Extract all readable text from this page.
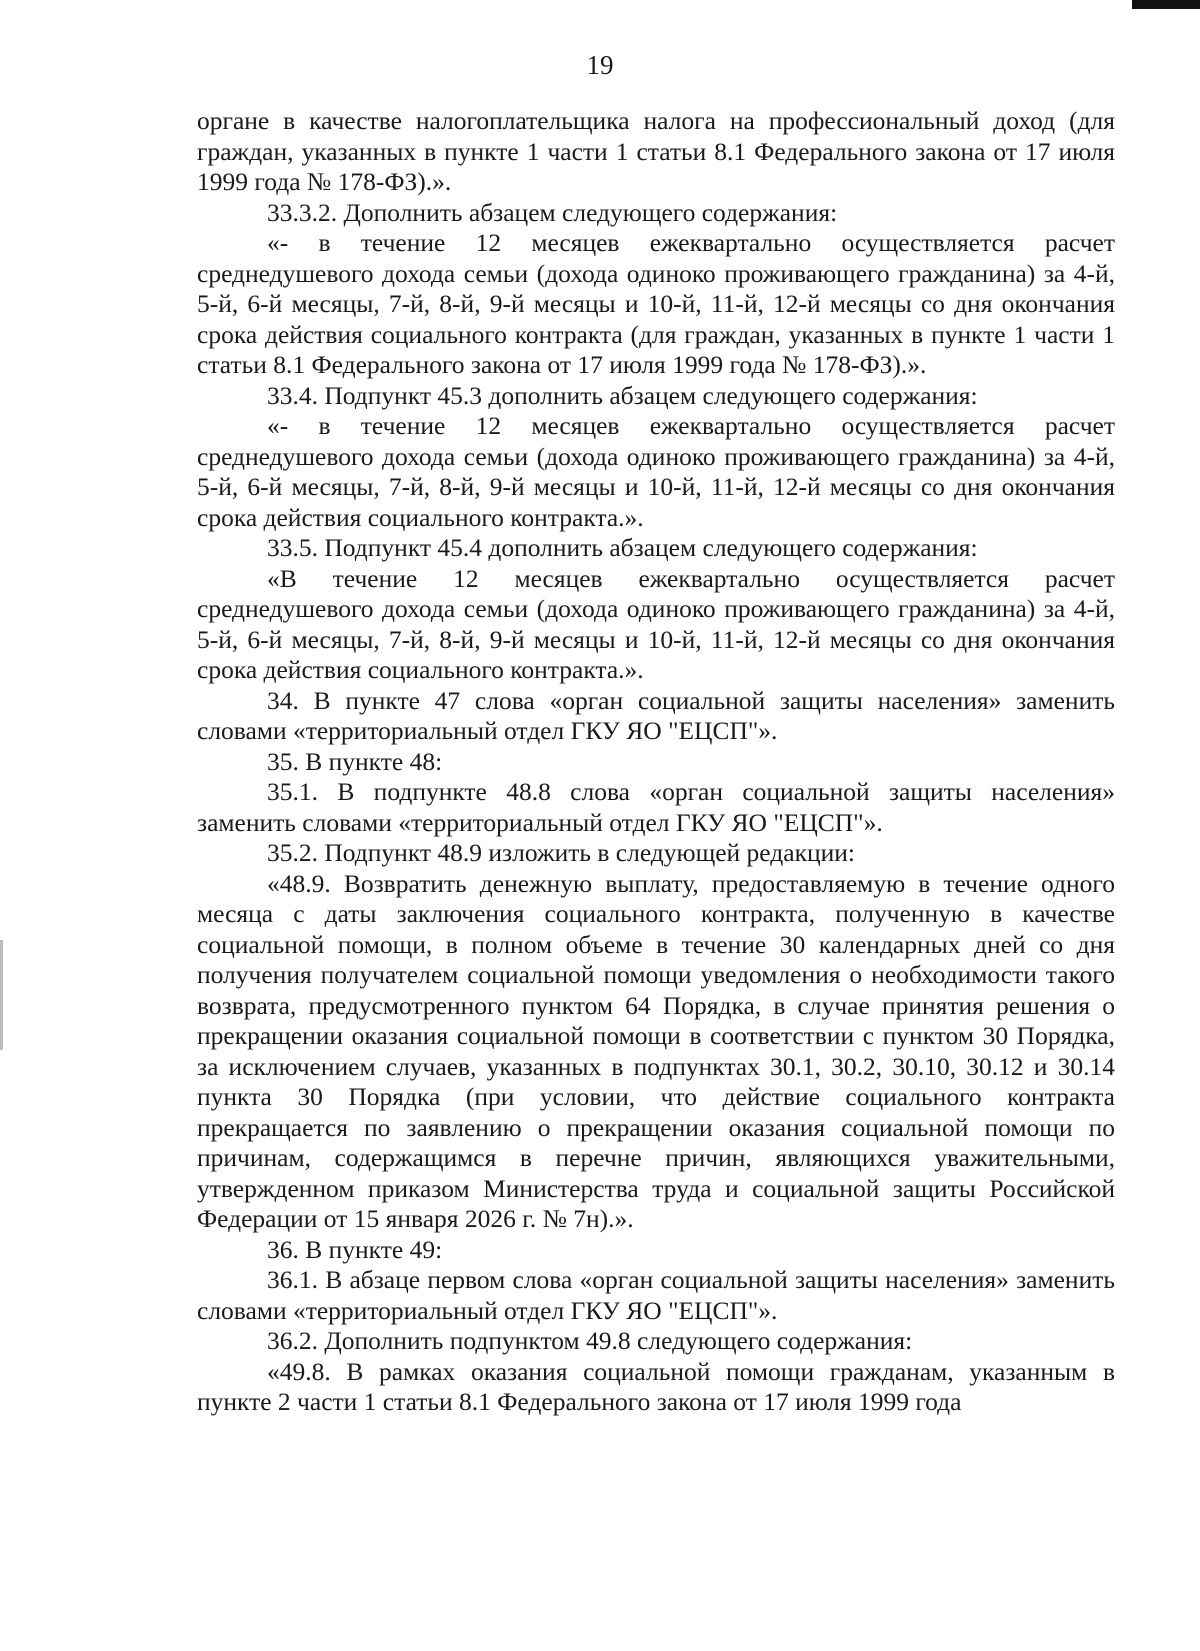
19

органе в качестве налогоплательщика налога на профессиональный доход (для граждан, указанных в пункте 1 части 1 статьи 8.1 Федерального закона от 17 июля 1999 года № 178-ФЗ).».

33.3.2. Дополнить абзацем следующего содержания:

«- в течение 12 месяцев ежеквартально осуществляется расчет среднедушевого дохода семьи (дохода одиноко проживающего гражданина) за 4-й, 5-й, 6-й месяцы, 7-й, 8-й, 9-й месяцы и 10-й, 11-й, 12-й месяцы со дня окончания срока действия социального контракта (для граждан, указанных в пункте 1 части 1 статьи 8.1 Федерального закона от 17 июля 1999 года № 178-ФЗ).».

33.4. Подпункт 45.3 дополнить абзацем следующего содержания:

«- в течение 12 месяцев ежеквартально осуществляется расчет среднедушевого дохода семьи (дохода одиноко проживающего гражданина) за 4-й, 5-й, 6-й месяцы, 7-й, 8-й, 9-й месяцы и 10-й, 11-й, 12-й месяцы со дня окончания срока действия социального контракта.».

33.5. Подпункт 45.4 дополнить абзацем следующего содержания:

«В течение 12 месяцев ежеквартально осуществляется расчет среднедушевого дохода семьи (дохода одиноко проживающего гражданина) за 4-й, 5-й, 6-й месяцы, 7-й, 8-й, 9-й месяцы и 10-й, 11-й, 12-й месяцы со дня окончания срока действия социального контракта.».

34. В пункте 47 слова «орган социальной защиты населения» заменить словами «территориальный отдел ГКУ ЯО "ЕЦСП"».

35. В пункте 48:

35.1. В подпункте 48.8 слова «орган социальной защиты населения» заменить словами «территориальный отдел ГКУ ЯО "ЕЦСП"».

35.2. Подпункт 48.9 изложить в следующей редакции:

«48.9. Возвратить денежную выплату, предоставляемую в течение одного месяца с даты заключения социального контракта, полученную в качестве социальной помощи, в полном объеме в течение 30 календарных дней со дня получения получателем социальной помощи уведомления о необходимости такого возврата, предусмотренного пунктом 64 Порядка, в случае принятия решения о прекращении оказания социальной помощи в соответствии с пунктом 30 Порядка, за исключением случаев, указанных в подпунктах 30.1, 30.2, 30.10, 30.12 и 30.14 пункта 30 Порядка (при условии, что действие социального контракта прекращается по заявлению о прекращении оказания социальной помощи по причинам, содержащимся в перечне причин, являющихся уважительными, утвержденном приказом Министерства труда и социальной защиты Российской Федерации от 15 января 2026 г. № 7н).».

36. В пункте 49:

36.1. В абзаце первом слова «орган социальной защиты населения» заменить словами «территориальный отдел ГКУ ЯО "ЕЦСП"».

36.2. Дополнить подпунктом 49.8 следующего содержания:

«49.8. В рамках оказания социальной помощи гражданам, указанным в пункте 2 части 1 статьи 8.1 Федерального закона от 17 июля 1999 года
